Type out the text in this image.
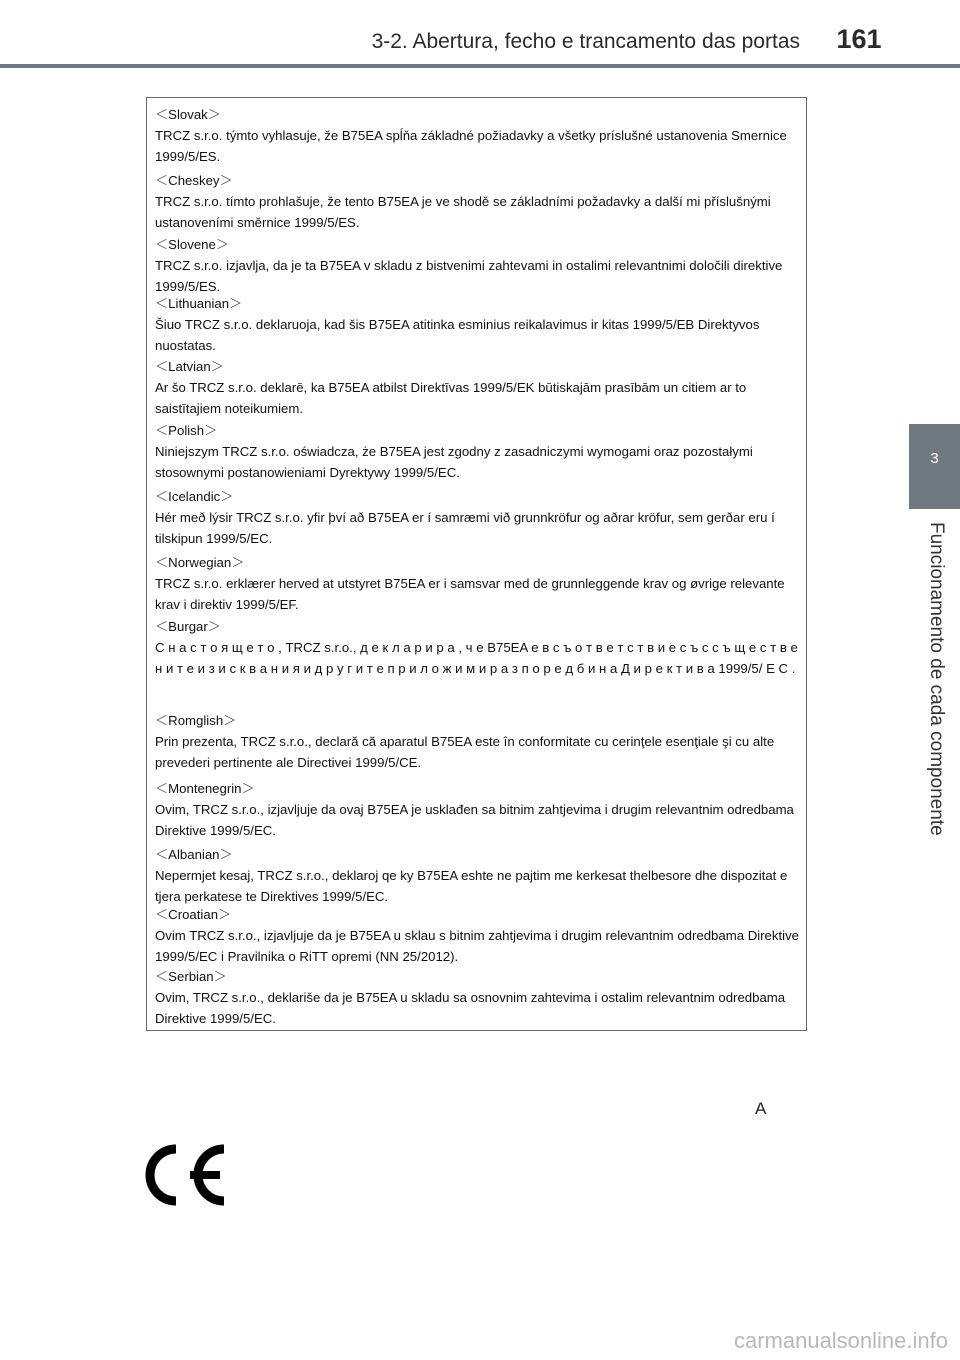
3-2. Abertura, fecho e trancamento das portas	161
3
Funcionamento de cada componente
＜Slovak＞
TRCZ s.r.o. týmto vyhlasuje, že B75EA spĺňa základné požiadavky a všetky príslušné ustanovenia Smernice 1999/5/ES.
＜Cheskey＞
TRCZ s.r.o. tímto prohlašuje, že tento B75EA je ve shodě se základními požadavky a další mi příslušnými ustanoveními směrnice 1999/5/ES.
＜Slovene＞
TRCZ s.r.o. izjavlja, da je ta B75EA v skladu z bistvenimi zahtevami in ostalimi relevantnimi določili direktive 1999/5/ES.
＜Lithuanian＞
Šiuo TRCZ s.r.o. deklaruoja, kad šis B75EA atitinka esminius reikalavimus ir kitas 1999/5/EB Direktyvos nuostatas.
＜Latvian＞
Ar šo TRCZ s.r.o. deklarē, ka B75EA atbilst Direktīvas 1999/5/EK būtiskajām prasībām un citiem ar to saistītajiem noteikumiem.
＜Polish＞
Niniejszym TRCZ s.r.o. oświadcza, że B75EA jest zgodny z zasadniczymi wymogami oraz pozostałymi stosownymi postanowieniami Dyrektywy 1999/5/EC.
＜Icelandic＞
Hér með lýsir TRCZ s.r.o. yfir því að B75EA er í samræmi við grunnkröfur og aðrar kröfur, sem gerðar eru í tilskipun 1999/5/EC.
＜Norwegian＞
TRCZ s.r.o. erklærer herved at utstyret B75EA er i samsvar med de grunnleggende krav og øvrige relevante krav i direktiv 1999/5/EF.
＜Burgar＞
С н а с т о я щ е т о , TRCZ s.r.o., д е к л а р и р а , ч е B75EA е в с ъ о т в е т с т в и е с ъ с с ъ щ е с т в е н и т е и з и с к в а н и я и д р у г и т е п р и л о ж и м и р а з п о р е д б и н а Д и р е к т и в а 1999/5/ Е С .
＜Romglish＞
Prin prezenta, TRCZ s.r.o., declară că aparatul B75EA este în conformitate cu cerinţele esenţiale şi cu alte prevederi pertinente ale Directivei 1999/5/CE.
＜Montenegrin＞
Ovim, TRCZ s.r.o., izjavljuje da ovaj B75EA je usklađen sa bitnim zahtjevima i drugim relevantnim odredbama Direktive 1999/5/EC.
＜Albanian＞
Nepermjet kesaj, TRCZ s.r.o., deklaroj qe ky B75EA eshte ne pajtim me kerkesat thelbesore dhe dispozitat e tjera perkatese te Direktives 1999/5/EC.
＜Croatian＞
Ovim TRCZ s.r.o., izjavljuje da je B75EA u sklau s bitnim zahtjevima i drugim relevantnim odredbama Direktive 1999/5/EC i Pravilnika o RiTT opremi (NN 25/2012).
＜Serbian＞
Ovim, TRCZ s.r.o., deklariše da je B75EA u skladu sa osnovnim zahtevima i ostalim relevantnim odredbama Direktive 1999/5/EC.
A
carmanualsonline.info
